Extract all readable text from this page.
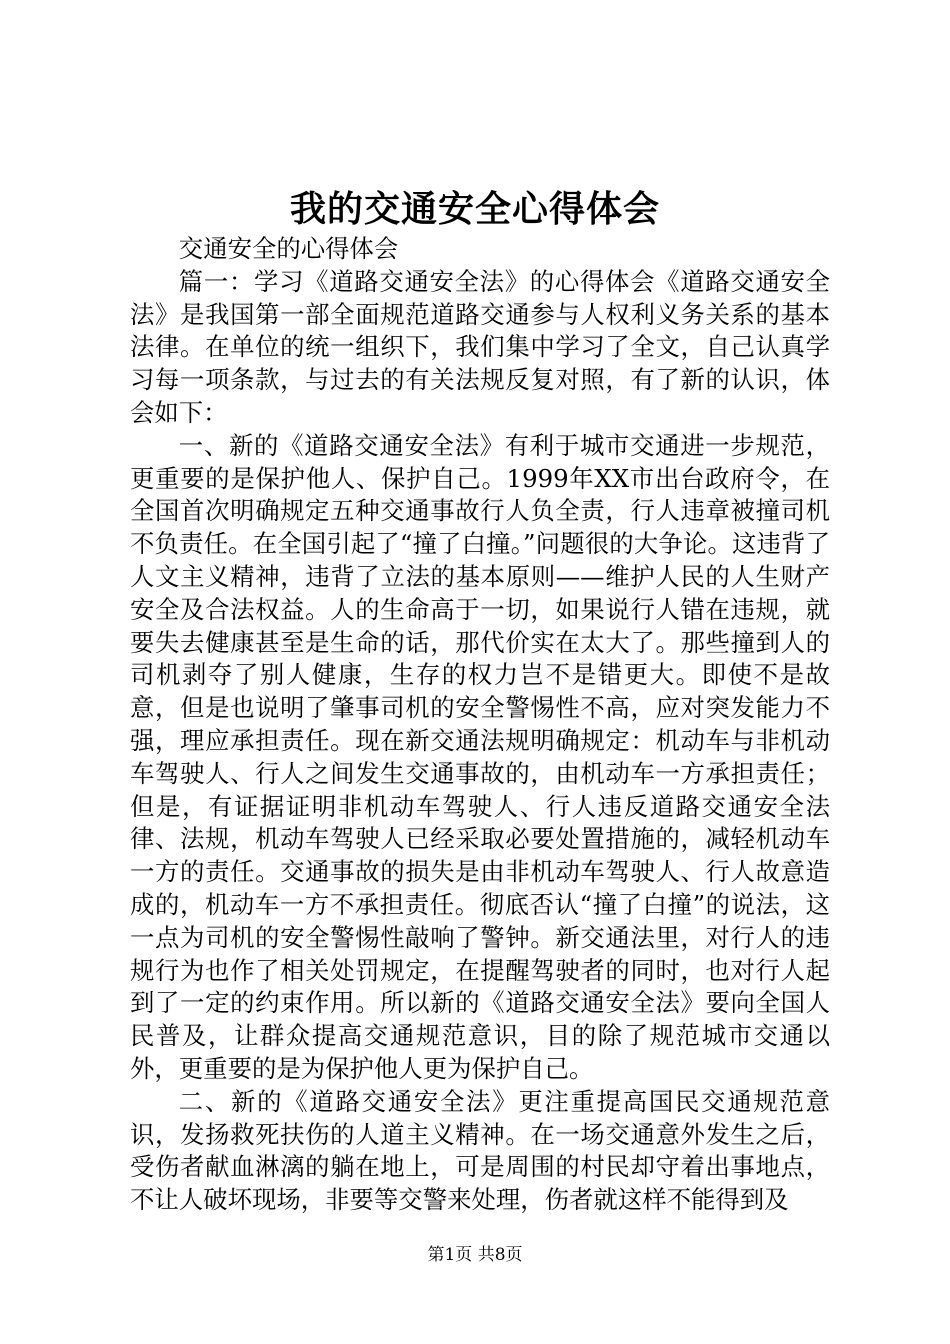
我的交通安全心得体会

交通安全的心得体会

篇一：学习《道路交通安全法》的心得体会《道路交通安全法》是我国第一部全面规范道路交通参与人权利义务关系的基本法律。在单位的统一组织下，我们集中学习了全文，自己认真学习每一项条款，与过去的有关法规反复对照，有了新的认识，体会如下：

一、新的《道路交通安全法》有利于城市交通进一步规范，更重要的是保护他人、保护自己。1999年XX市出台政府令，在全国首次明确规定五种交通事故行人负全责，行人违章被撞司机不负责任。在全国引起了“撞了白撞。”问题很的大争论。这违背了人文主义精神，违背了立法的基本原则——维护人民的人生财产安全及合法权益。人的生命高于一切，如果说行人错在违规，就要失去健康甚至是生命的话，那代价实在太大了。那些撞到人的司机剥夺了别人健康，生存的权力岂不是错更大。即使不是故意，但是也说明了肇事司机的安全警惕性不高，应对突发能力不强，理应承担责任。现在新交通法规明确规定：机动车与非机动车驾驶人、行人之间发生交通事故的，由机动车一方承担责任；但是，有证据证明非机动车驾驶人、行人违反道路交通安全法律、法规，机动车驾驶人已经采取必要处置措施的，减轻机动车一方的责任。交通事故的损失是由非机动车驾驶人、行人故意造成的，机动车一方不承担责任。彻底否认“撞了白撞”的说法，这一点为司机的安全警惕性敲响了警钟。新交通法里，对行人的违规行为也作了相关处罚规定，在提醒驾驶者的同时，也对行人起到了一定的约束作用。所以新的《道路交通安全法》要向全国人民普及，让群众提高交通规范意识，目的除了规范城市交通以外，更重要的是为保护他人更为保护自己。

二、新的《道路交通安全法》更注重提高国民交通规范意识，发扬救死扶伤的人道主义精神。在一场交通意外发生之后，受伤者献血淋漓的躺在地上，可是周围的村民却守着出事地点，不让人破坏现场，非要等交警来处理，伤者就这样不能得到及

第1页 共8页
